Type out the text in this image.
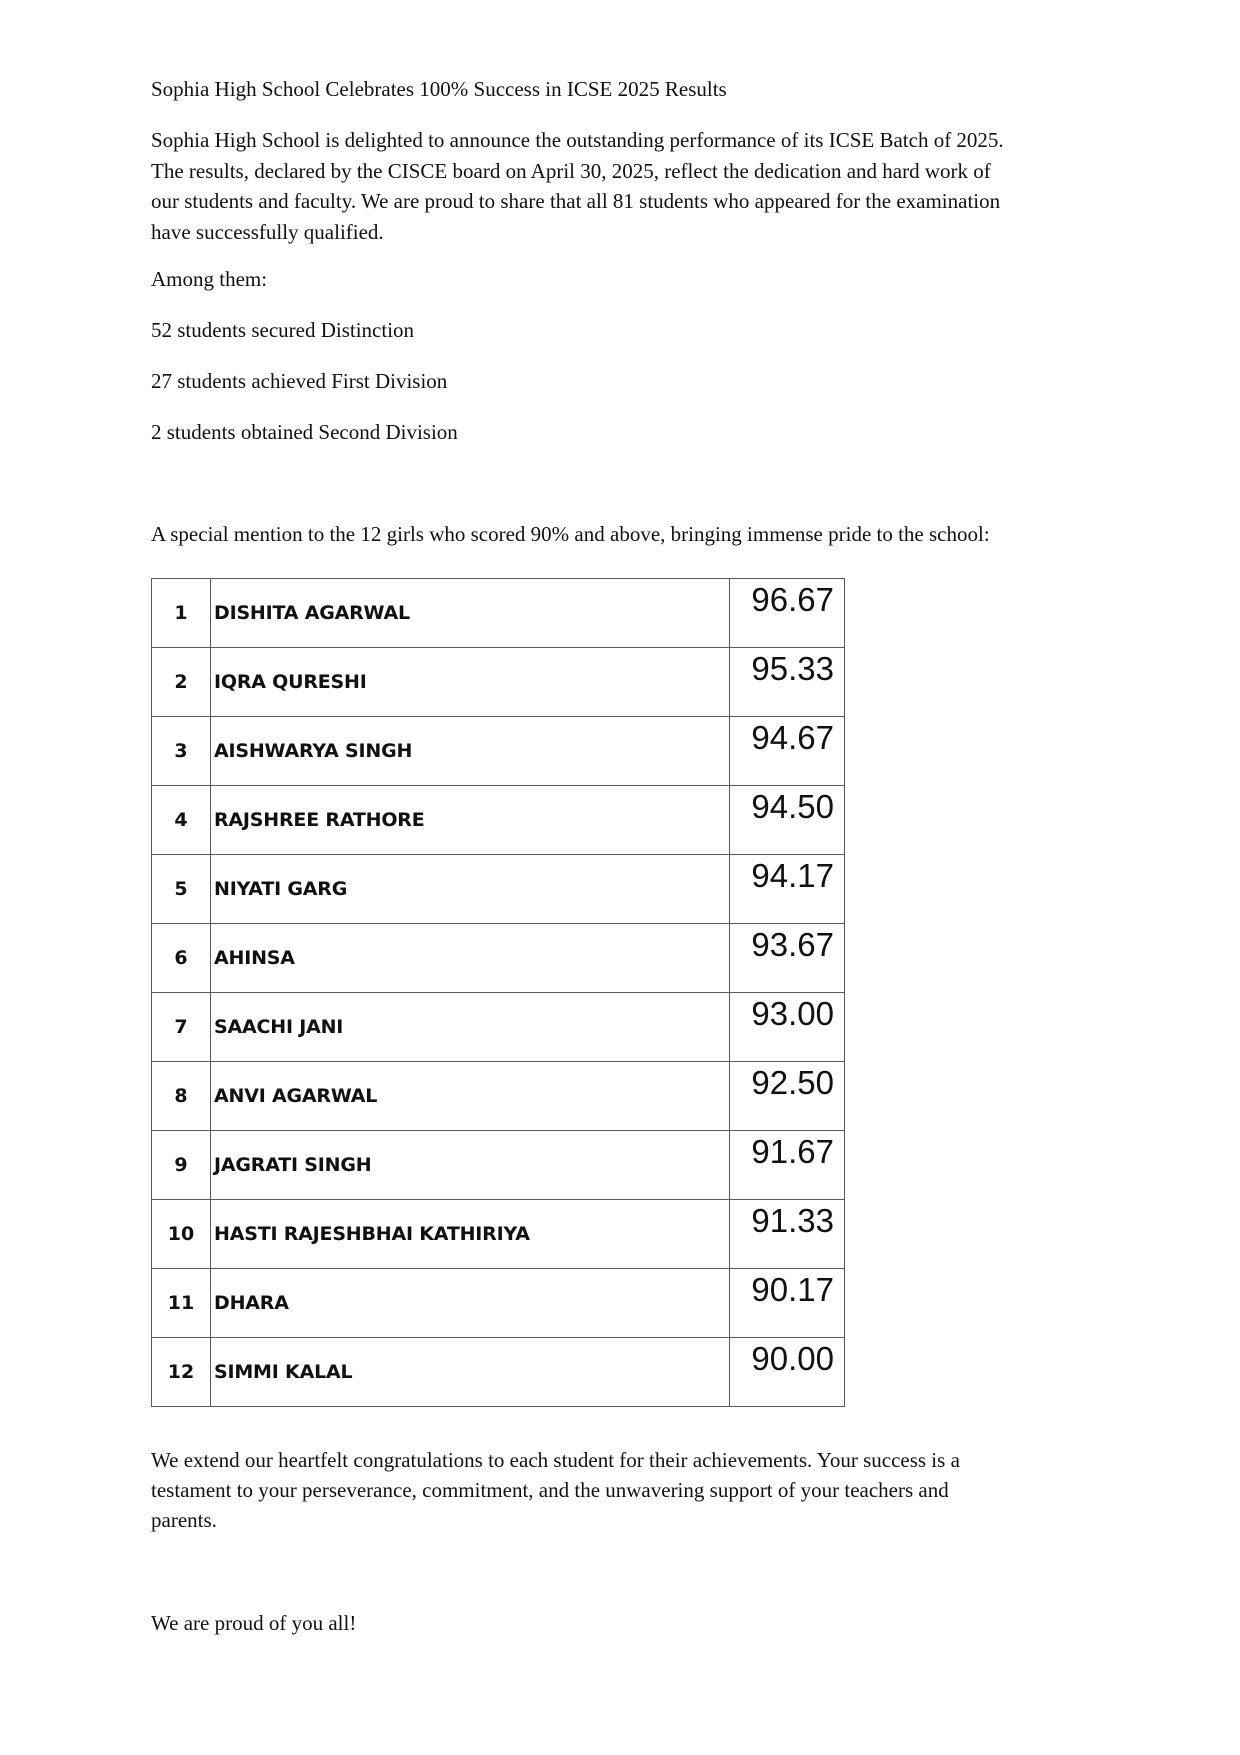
Sophia High School Celebrates 100% Success in ICSE 2025 Results
Sophia High School is delighted to announce the outstanding performance of its ICSE Batch of 2025.
The results, declared by the CISCE board on April 30, 2025, reflect the dedication and hard work of
our students and faculty. We are proud to share that all 81 students who appeared for the examination
have successfully qualified.
Among them:
52 students secured Distinction
27 students achieved First Division
2 students obtained Second Division
A special mention to the 12 girls who scored 90% and above, bringing immense pride to the school:
1	DISHITA AGARWAL	96.67
2	IQRA QURESHI	95.33
3	AISHWARYA SINGH	94.67
4	RAJSHREE RATHORE	94.50
5	NIYATI GARG	94.17
6	AHINSA	93.67
7	SAACHI JANI	93.00
8	ANVI AGARWAL	92.50
9	JAGRATI SINGH	91.67
10	HASTI RAJESHBHAI KATHIRIYA	91.33
11	DHARA	90.17
12	SIMMI KALAL	90.00
We extend our heartfelt congratulations to each student for their achievements. Your success is a
testament to your perseverance, commitment, and the unwavering support of your teachers and
parents.
We are proud of you all!
